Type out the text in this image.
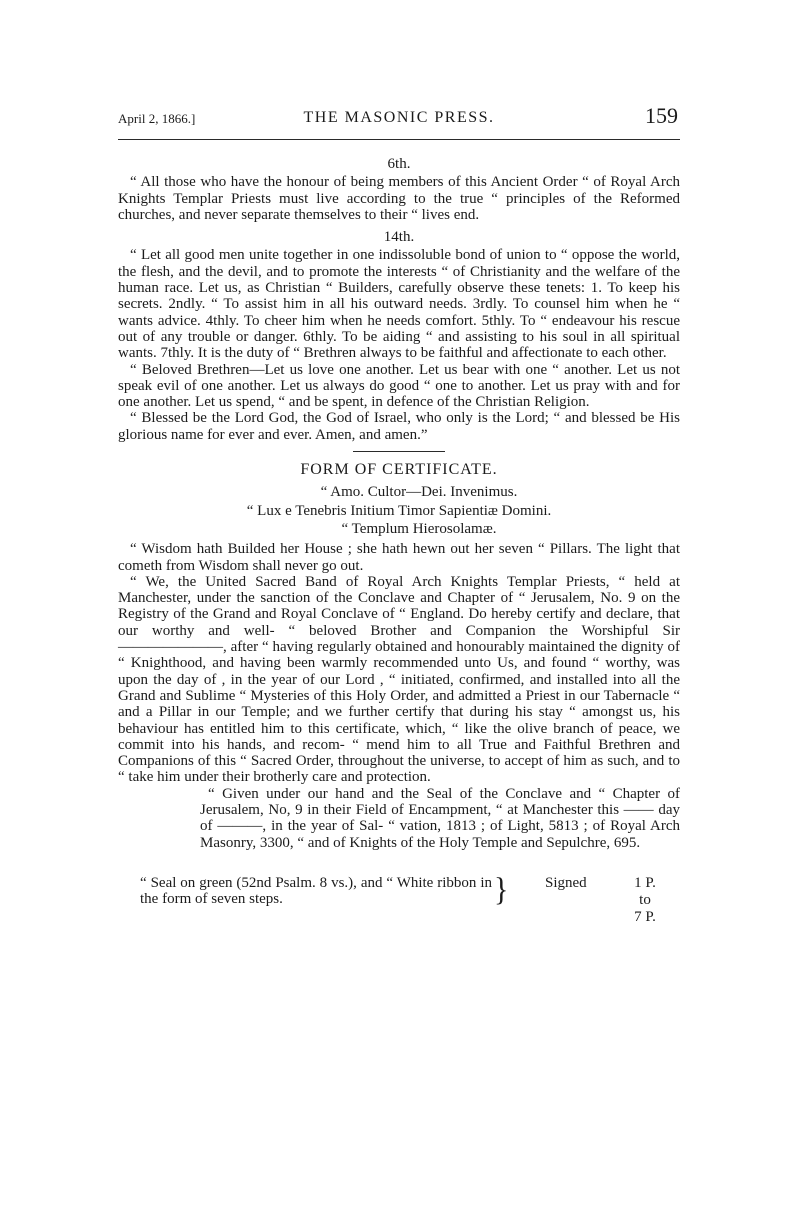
April 2, 1866.]	THE MASONIC PRESS.	159
6th.

“ All those who have the honour of being members of this Ancient Order “ of Royal Arch Knights Templar Priests must live according to the true “ principles of the Reformed churches, and never separate themselves to their “ lives end.

14th.

“ Let all good men unite together in one indissoluble bond of union to “ oppose the world, the flesh, and the devil, and to promote the interests “ of Christianity and the welfare of the human race. Let us, as Christian “ Builders, carefully observe these tenets: 1. To keep his secrets. 2ndly. “ To assist him in all his outward needs. 3rdly. To counsel him when he “ wants advice. 4thly. To cheer him when he needs comfort. 5thly. To “ endeavour his rescue out of any trouble or danger. 6thly. To be aiding “ and assisting to his soul in all spiritual wants. 7thly. It is the duty of “ Brethren always to be faithful and affectionate to each other.

“ Beloved Brethren—Let us love one another. Let us bear with one “ another. Let us not speak evil of one another. Let us always do good “ one to another. Let us pray with and for one another. Let us spend, “ and be spent, in defence of the Christian Religion.

“ Blessed be the Lord God, the God of Israel, who only is the Lord; “ and blessed be His glorious name for ever and ever. Amen, and amen.”

FORM OF CERTIFICATE.
“ Amo. Cultor—Dei. Invenimus.
“ Lux e Tenebris Initium Timor Sapientiæ Domini.
“ Templum Hierosolamæ.

“ Wisdom hath Builded her House ; she hath hewn out her seven “ Pillars. The light that cometh from Wisdom shall never go out.

“ We, the United Sacred Band of Royal Arch Knights Templar Priests, “ held at Manchester, under the sanction of the Conclave and Chapter of “ Jerusalem, No. 9 on the Registry of the Grand and Royal Conclave of “ England. Do hereby certify and declare, that our worthy and well- “ beloved Brother and Companion the Worshipful Sir ———————, after “ having regularly obtained and honourably maintained the dignity of “ Knighthood, and having been warmly recommended unto Us, and found “ worthy, was upon the day of , in the year of our Lord , “ initiated, confirmed, and installed into all the Grand and Sublime “ Mysteries of this Holy Order, and admitted a Priest in our Tabernacle “ and a Pillar in our Temple; and we further certify that during his stay “ amongst us, his behaviour has entitled him to this certificate, which, “ like the olive branch of peace, we commit into his hands, and recom- “ mend him to all True and Faithful Brethren and Companions of this “ Sacred Order, throughout the universe, to accept of him as such, and to “ take him under their brotherly care and protection.

“ Given under our hand and the Seal of the Conclave and “ Chapter of Jerusalem, No, 9 in their Field of Encampment, “ at Manchester this —— day of ———, in the year of Sal- “ vation, 1813 ; of Light, 5813 ; of Royal Arch Masonry, 3300, “ and of Knights of the Holy Temple and Sepulchre, 695.

“ Seal on green (52nd Psalm. 8 vs.), and “ White ribbon in the form of seven steps.	} Signed	1 P.
to
7 P.
